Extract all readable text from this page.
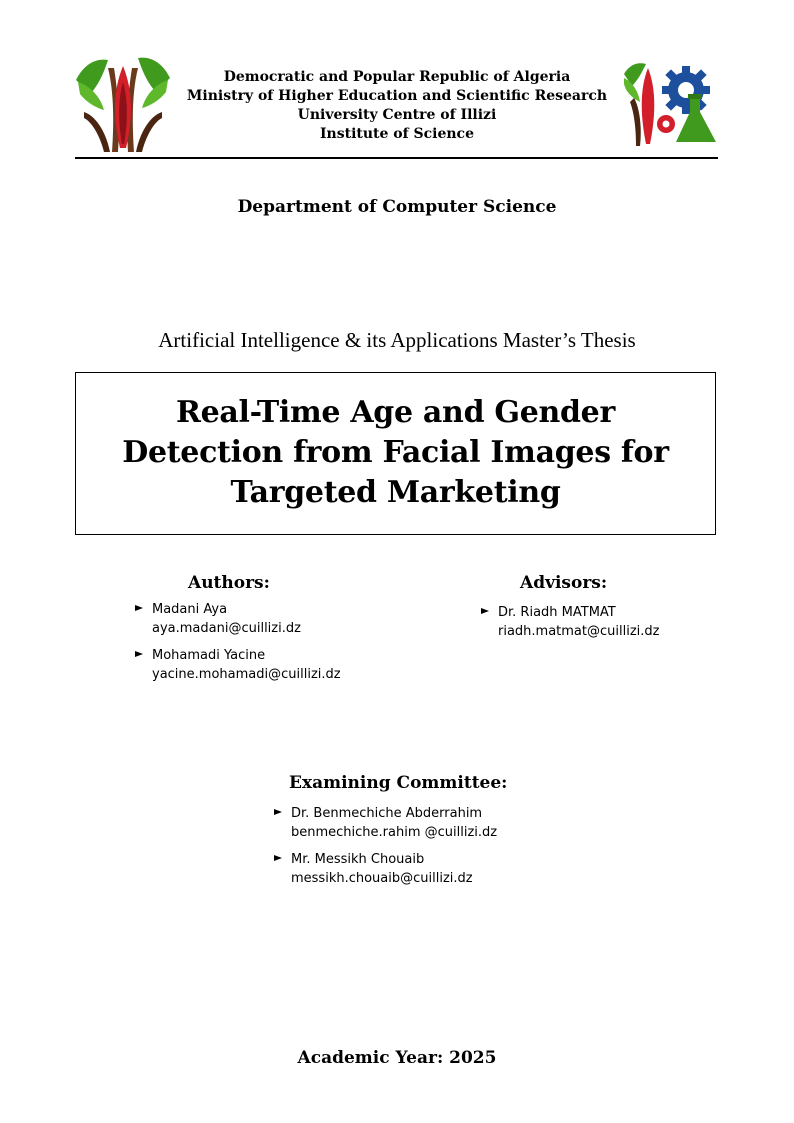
Democratic and Popular Republic of Algeria
Ministry of Higher Education and Scientific Research
University Centre of Illizi
Institute of Science
Department of Computer Science
Artificial Intelligence & its Applications Master’s Thesis
Real-Time Age and Gender
Detection from Facial Images for
Targeted Marketing
Authors:
Madani Aya
aya.madani@cuillizi.dz
Mohamadi Yacine
yacine.mohamadi@cuillizi.dz
Advisors:
Dr. Riadh MATMAT
riadh.matmat@cuillizi.dz
Examining Committee:
Dr. Benmechiche Abderrahim
benmechiche.rahim @cuillizi.dz
Mr. Messikh Chouaib
messikh.chouaib@cuillizi.dz
Academic Year: 2025
